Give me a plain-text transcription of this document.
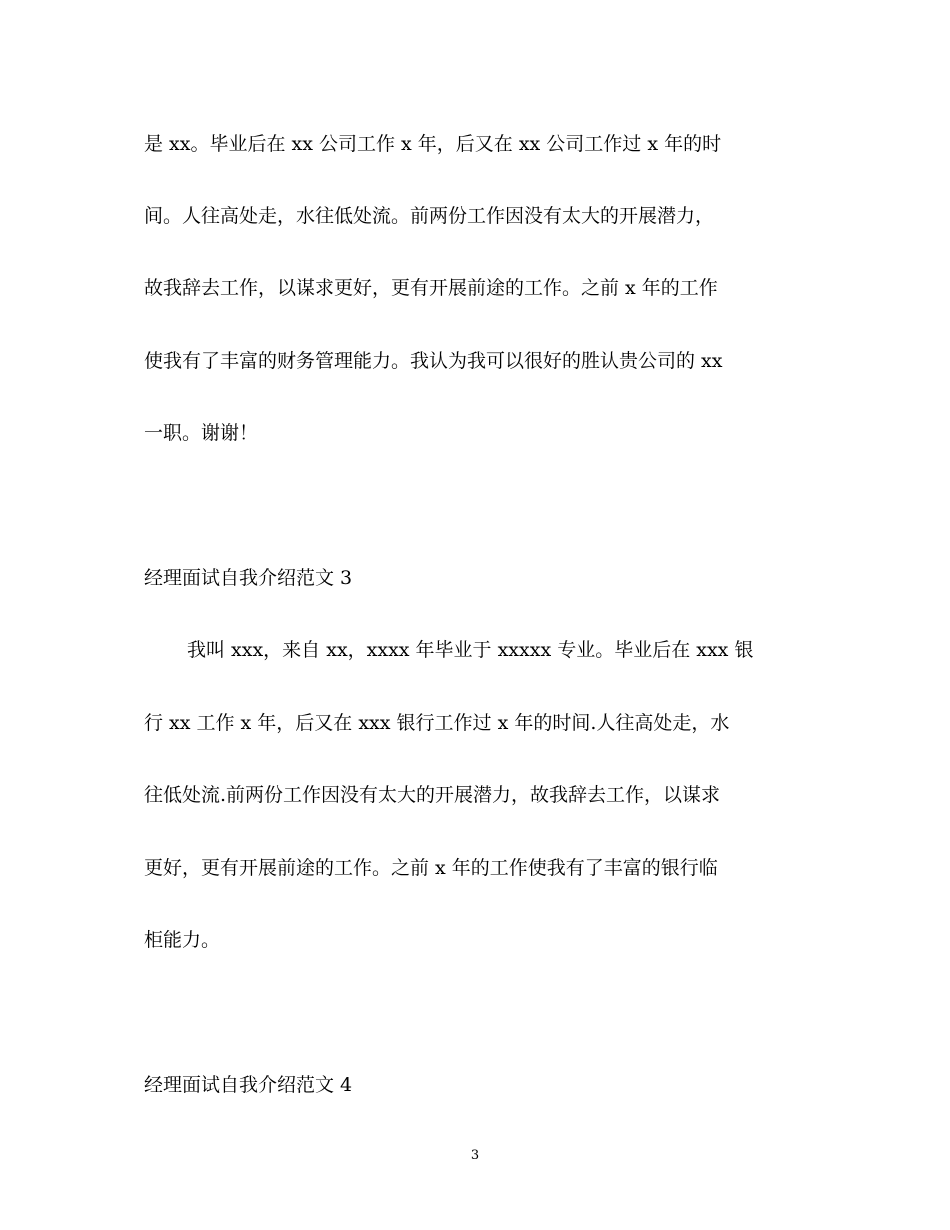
是 xx。毕业后在 xx 公司工作 x 年，后又在 xx 公司工作过 x 年的时
间。人往高处走，水往低处流。前两份工作因没有太大的开展潜力，
故我辞去工作，以谋求更好，更有开展前途的工作。之前 x 年的工作
使我有了丰富的财务管理能力。我认为我可以很好的胜认贵公司的 xx
一职。谢谢！
经理面试自我介绍范文 3
我叫 xxx，来自 xx，xxxx 年毕业于 xxxxx 专业。毕业后在 xxx 银
行 xx 工作 x 年，后又在 xxx 银行工作过 x 年的时间.人往高处走，水
往低处流.前两份工作因没有太大的开展潜力，故我辞去工作，以谋求
更好，更有开展前途的工作。之前 x 年的工作使我有了丰富的银行临
柜能力。
经理面试自我介绍范文 4
3
